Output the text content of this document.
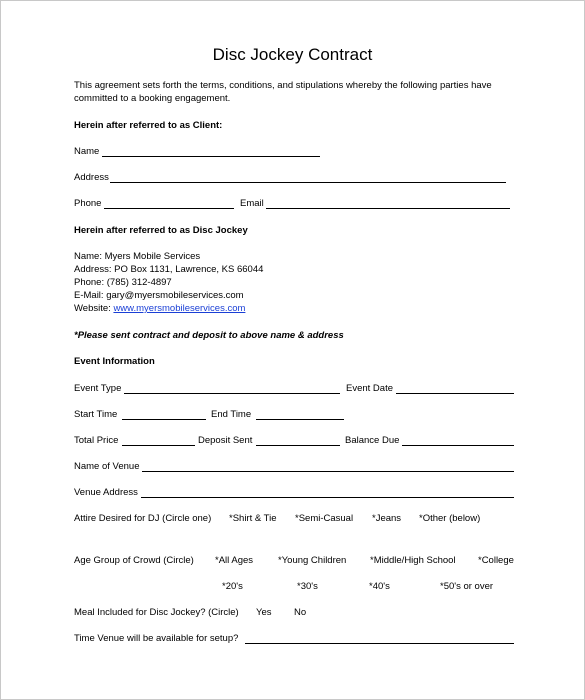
Disc Jockey Contract
This agreement sets forth the terms, conditions, and stipulations whereby the following parties have
committed to a booking engagement.
Herein after referred to as Client:
Name
Address
Phone	Email
Herein after referred to as Disc Jockey
Name: Myers Mobile Services
Address: PO Box 1131, Lawrence, KS 66044
Phone: (785) 312-4897
E-Mail: gary@myersmobileservices.com
Website: www.myersmobileservices.com
*Please sent contract and deposit to above name & address
Event Information
Event Type	Event Date
Start Time	End Time
Total Price	Deposit Sent	Balance Due
Name of Venue
Venue Address
Attire Desired for DJ (Circle one) *Shirt & Tie *Semi-Casual *Jeans *Other (below)
Age Group of Crowd (Circle) *All Ages	*Young Children *Middle/High School *College
*20's	*30's	*40's	*50's or over
Meal Included for Disc Jockey? (Circle) Yes No
Time Venue will be available for setup?
